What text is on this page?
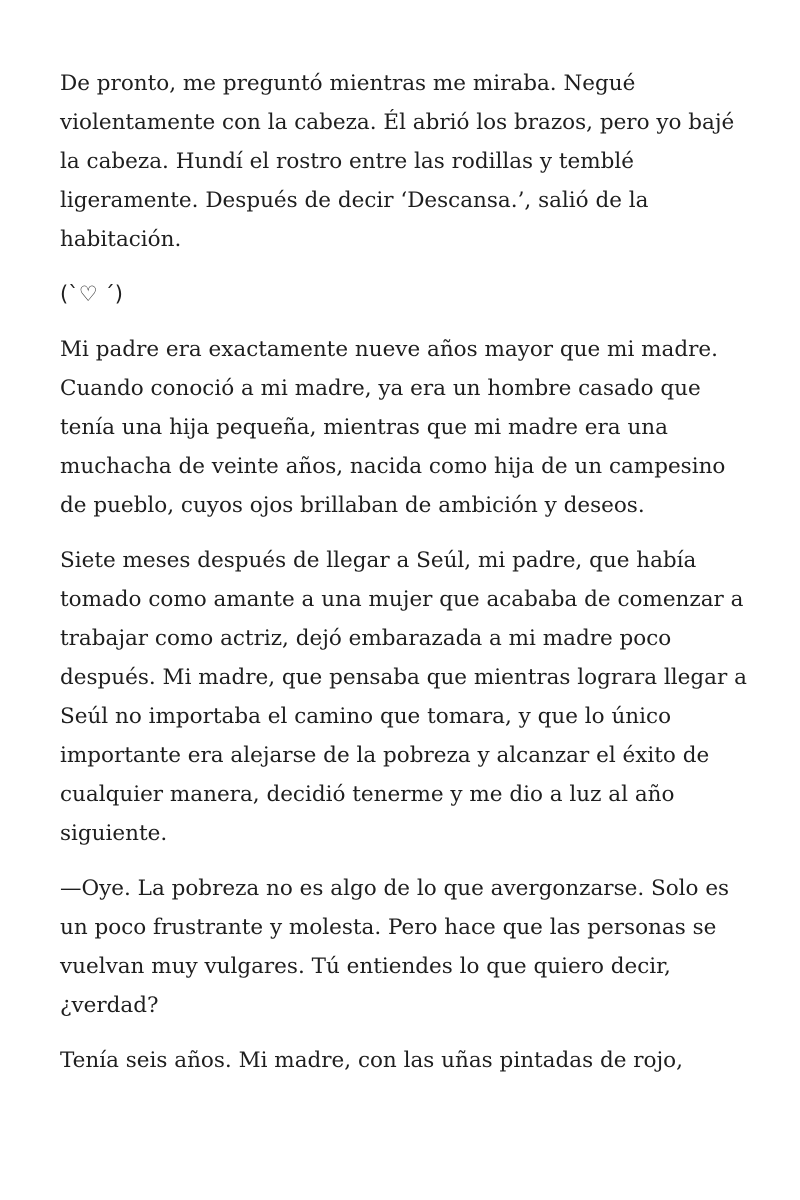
De pronto, me preguntó mientras me miraba. Negué violentamente con la cabeza. Él abrió los brazos, pero yo bajé la cabeza. Hundí el rostro entre las rodillas y temblé ligeramente. Después de decir ‘Descansa.’, salió de la habitación.

(`♡ ´)

Mi padre era exactamente nueve años mayor que mi madre. Cuando conoció a mi madre, ya era un hombre casado que tenía una hija pequeña, mientras que mi madre era una muchacha de veinte años, nacida como hija de un campesino de pueblo, cuyos ojos brillaban de ambición y deseos.

Siete meses después de llegar a Seúl, mi padre, que había tomado como amante a una mujer que acababa de comenzar a trabajar como actriz, dejó embarazada a mi madre poco después. Mi madre, que pensaba que mientras lograra llegar a Seúl no importaba el camino que tomara, y que lo único importante era alejarse de la pobreza y alcanzar el éxito de cualquier manera, decidió tenerme y me dio a luz al año siguiente.

—Oye. La pobreza no es algo de lo que avergonzarse. Solo es un poco frustrante y molesta. Pero hace que las personas se vuelvan muy vulgares. Tú entiendes lo que quiero decir, ¿verdad?

Tenía seis años. Mi madre, con las uñas pintadas de rojo,
